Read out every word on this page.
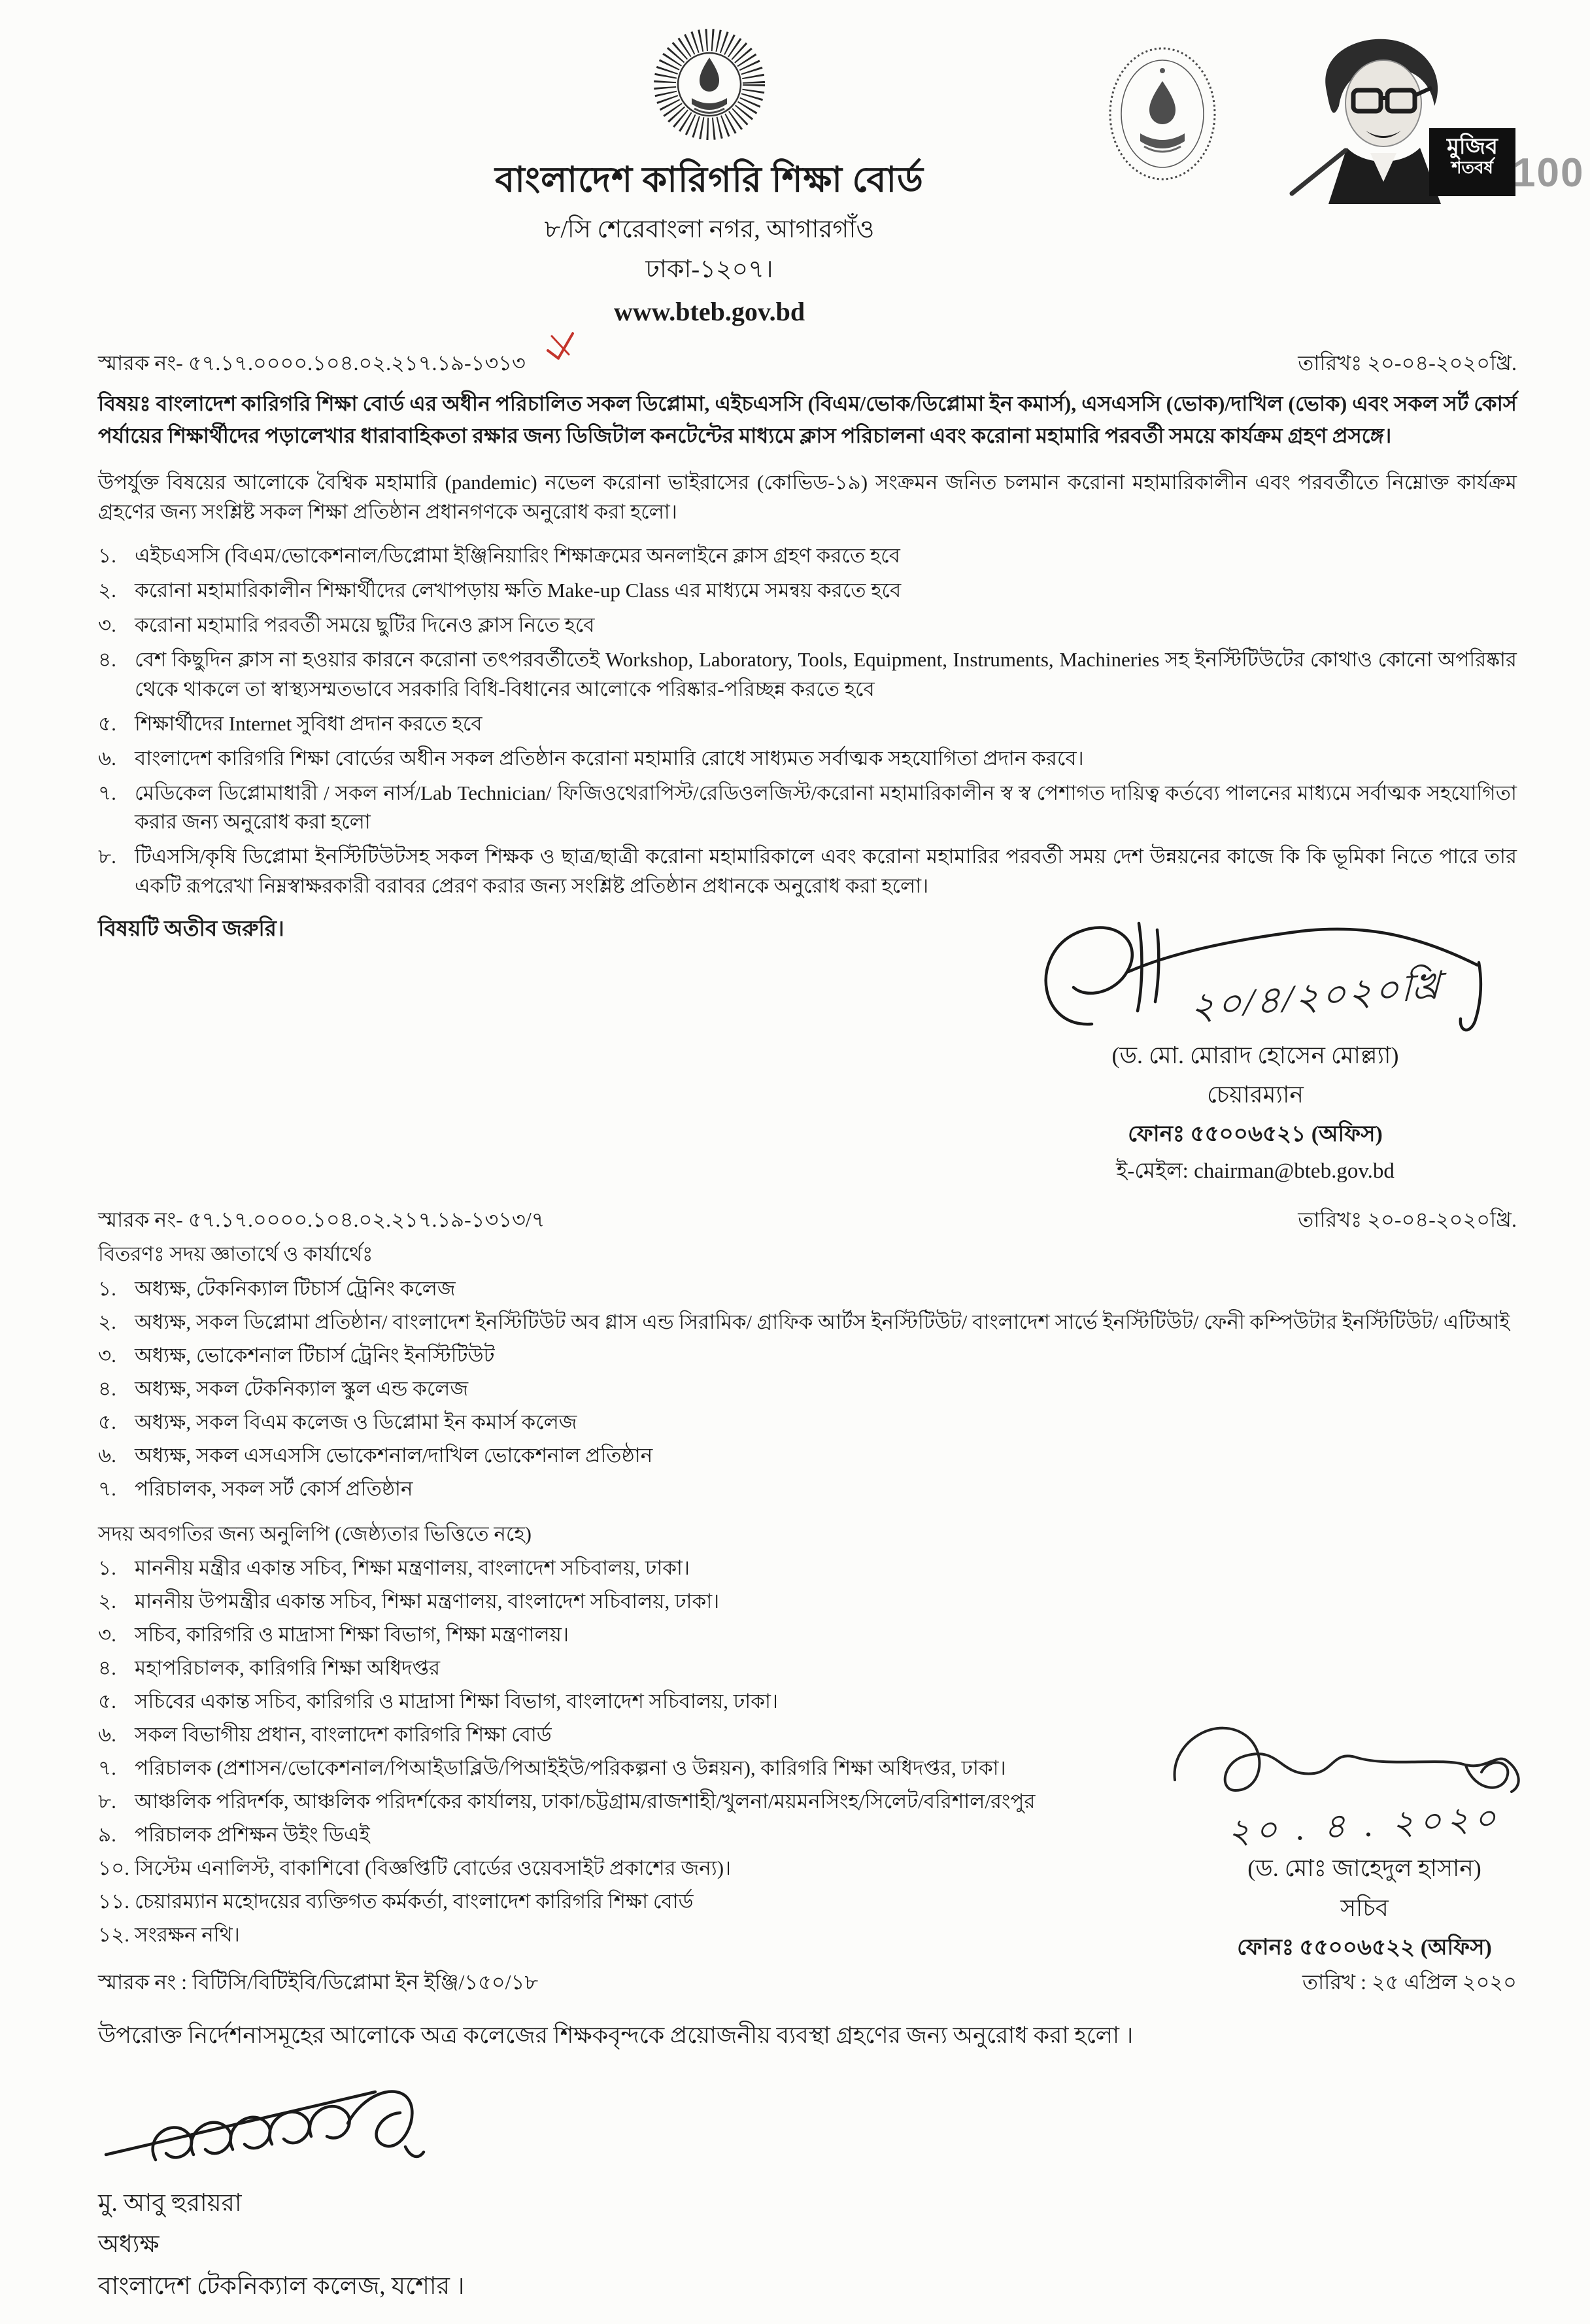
মুজিব
শতবর্ষ 100
বাংলাদেশ কারিগরি শিক্ষা বোর্ড
৮/সি শেরেবাংলা নগর, আগারগাঁও
ঢাকা-১২০৭।
www.bteb.gov.bd
স্মারক নং- ৫৭.১৭.০০০০.১০৪.০২.২১৭.১৯-১৩১৩	তারিখঃ ২০-০৪-২০২০খ্রি.
বিষয়ঃ বাংলাদেশ কারিগরি শিক্ষা বোর্ড এর অধীন পরিচালিত সকল ডিপ্লোমা, এইচএসসি (বিএম/ভোক/ডিপ্লোমা ইন কমার্স), এসএসসি (ভোক)/দাখিল (ভোক) এবং সকল সর্ট কোর্স পর্যায়ের শিক্ষার্থীদের পড়ালেখার ধারাবাহিকতা রক্ষার জন্য ডিজিটাল কনটেন্টের মাধ্যমে ক্লাস পরিচালনা এবং করোনা মহামারি পরবর্তী সময়ে কার্যক্রম গ্রহণ প্রসঙ্গে।
উপর্যুক্ত বিষয়ের আলোকে বৈশ্বিক মহামারি (pandemic) নভেল করোনা ভাইরাসের (কোভিড-১৯) সংক্রমন জনিত চলমান করোনা মহামারিকালীন এবং পরবর্তীতে নিম্নোক্ত কার্যক্রম গ্রহণের জন্য সংশ্লিষ্ট সকল শিক্ষা প্রতিষ্ঠান প্রধানগণকে অনুরোধ করা হলো।
১. এইচএসসি (বিএম/ভোকেশনাল/ডিপ্লোমা ইঞ্জিনিয়ারিং শিক্ষাক্রমের অনলাইনে ক্লাস গ্রহণ করতে হবে
২. করোনা মহামারিকালীন শিক্ষার্থীদের লেখাপড়ায় ক্ষতি Make-up Class এর মাধ্যমে সমন্বয় করতে হবে
৩. করোনা মহামারি পরবর্তী সময়ে ছুটির দিনেও ক্লাস নিতে হবে
৪. বেশ কিছুদিন ক্লাস না হওয়ার কারনে করোনা তৎপরবর্তীতেই Workshop, Laboratory, Tools, Equipment, Instruments, Machineries সহ ইনস্টিটিউটের কোথাও কোনো অপরিষ্কার থেকে থাকলে তা স্বাস্থ্যসম্মতভাবে সরকারি বিধি-বিধানের আলোকে পরিষ্কার-পরিচ্ছন্ন করতে হবে
৫. শিক্ষার্থীদের Internet সুবিধা প্রদান করতে হবে
৬. বাংলাদেশ কারিগরি শিক্ষা বোর্ডের অধীন সকল প্রতিষ্ঠান করোনা মহামারি রোধে সাধ্যমত সর্বাত্মক সহযোগিতা প্রদান করবে।
৭. মেডিকেল ডিপ্লোমাধারী / সকল নার্স/Lab Technician/ ফিজিওথেরাপিস্ট/রেডিওলজিস্ট/করোনা মহামারিকালীন স্ব স্ব পেশাগত দায়িত্ব কর্তব্যে পালনের মাধ্যমে সর্বাত্মক সহযোগিতা করার জন্য অনুরোধ করা হলো
৮. টিএসসি/কৃষি ডিপ্লোমা ইনস্টিটিউটসহ সকল শিক্ষক ও ছাত্র/ছাত্রী করোনা মহামারিকালে এবং করোনা মহামারির পরবর্তী সময় দেশ উন্নয়নের কাজে কি কি ভূমিকা নিতে পারে তার একটি রূপরেখা নিম্নস্বাক্ষরকারী বরাবর প্রেরণ করার জন্য সংশ্লিষ্ট প্রতিষ্ঠান প্রধানকে অনুরোধ করা হলো।
বিষয়টি অতীব জরুরি।
২০/৪/২০২০খ্রি
(ড. মো. মোরাদ হোসেন মোল্ল্যা)
চেয়ারম্যান
ফোনঃ ৫৫০০৬৫২১ (অফিস)
ই-মেইল: chairman@bteb.gov.bd
স্মারক নং- ৫৭.১৭.০০০০.১০৪.০২.২১৭.১৯-১৩১৩/৭	তারিখঃ ২০-০৪-২০২০খ্রি.
বিতরণঃ সদয় জ্ঞাতার্থে ও কার্যার্থেঃ
১. অধ্যক্ষ, টেকনিক্যাল টিচার্স ট্রেনিং কলেজ
২. অধ্যক্ষ, সকল ডিপ্লোমা প্রতিষ্ঠান/ বাংলাদেশ ইনস্টিটিউট অব গ্লাস এন্ড সিরামিক/ গ্রাফিক আর্টস ইনস্টিটিউট/ বাংলাদেশ সার্ভে ইনস্টিটিউট/ ফেনী কম্পিউটার ইনস্টিটিউট/ এটিআই
৩. অধ্যক্ষ, ভোকেশনাল টিচার্স ট্রেনিং ইনস্টিটিউট
৪. অধ্যক্ষ, সকল টেকনিক্যাল স্কুল এন্ড কলেজ
৫. অধ্যক্ষ, সকল বিএম কলেজ ও ডিপ্লোমা ইন কমার্স কলেজ
৬. অধ্যক্ষ, সকল এসএসসি ভোকেশনাল/দাখিল ভোকেশনাল প্রতিষ্ঠান
৭. পরিচালক, সকল সর্ট কোর্স প্রতিষ্ঠান
সদয় অবগতির জন্য অনুলিপি (জেষ্ঠ্যতার ভিত্তিতে নহে)
১. মাননীয় মন্ত্রীর একান্ত সচিব, শিক্ষা মন্ত্রণালয়, বাংলাদেশ সচিবালয়, ঢাকা।
২. মাননীয় উপমন্ত্রীর একান্ত সচিব, শিক্ষা মন্ত্রণালয়, বাংলাদেশ সচিবালয়, ঢাকা।
৩. সচিব, কারিগরি ও মাদ্রাসা শিক্ষা বিভাগ, শিক্ষা মন্ত্রণালয়।
৪. মহাপরিচালক, কারিগরি শিক্ষা অধিদপ্তর
৫. সচিবের একান্ত সচিব, কারিগরি ও মাদ্রাসা শিক্ষা বিভাগ, বাংলাদেশ সচিবালয়, ঢাকা।
৬. সকল বিভাগীয় প্রধান, বাংলাদেশ কারিগরি শিক্ষা বোর্ড
৭. পরিচালক (প্রশাসন/ভোকেশনাল/পিআইডাব্লিউ/পিআইইউ/পরিকল্পনা ও উন্নয়ন), কারিগরি শিক্ষা অধিদপ্তর, ঢাকা।
৮. আঞ্চলিক পরিদর্শক, আঞ্চলিক পরিদর্শকের কার্যালয়, ঢাকা/চট্টগ্রাম/রাজশাহী/খুলনা/ময়মনসিংহ/সিলেট/বরিশাল/রংপুর
৯. পরিচালক প্রশিক্ষন উইং ডিএই
১০. সিস্টেম এনালিস্ট, বাকাশিবো (বিজ্ঞপ্তিটি বোর্ডের ওয়েবসাইট প্রকাশের জন্য)।
১১. চেয়ারম্যান মহোদয়ের ব্যক্তিগত কর্মকর্তা, বাংলাদেশ কারিগরি শিক্ষা বোর্ড
১২. সংরক্ষন নথি।
২০ . ৪ . ২০২০
(ড. মোঃ জাহেদুল হাসান)
সচিব
ফোনঃ ৫৫০০৬৫২২ (অফিস)
স্মারক নং : বিটিসি/বিটিইবি/ডিপ্লোমা ইন ইঞ্জি/১৫০/১৮	তারিখ : ২৫ এপ্রিল ২০২০
উপরোক্ত নির্দেশনাসমূহের আলোকে অত্র কলেজের শিক্ষকবৃন্দকে প্রয়োজনীয় ব্যবস্থা গ্রহণের জন্য অনুরোধ করা হলো ।
মু. আবু হুরায়রা
অধ্যক্ষ
বাংলাদেশ টেকনিক্যাল কলেজ, যশোর ।
